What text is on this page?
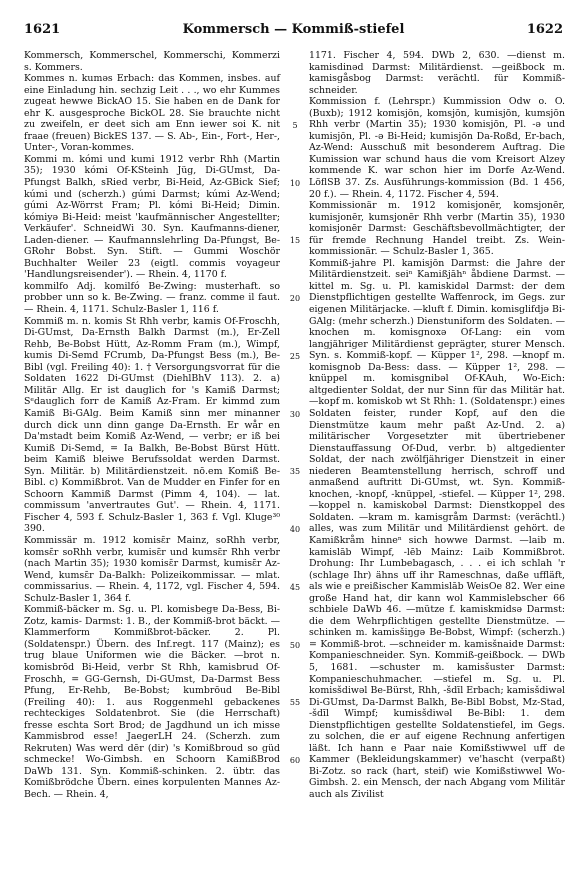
1621	Kommersch — Kommiß-stiefel	1622

Kommersch, Kommerschel, Kommerschi, Kommerzi s. Kommers.

Kommes n. kuməs Erbach: das Kommen, insbes. auf eine Einladung hin. sechzig Leit . . ., wo ehr Kummes zugeat hewwe BickAO 15. Sie haben en de Dank for ehr K. ausgesproche BickOL 28. Sie brauchte nicht zu zweifeln, er deet sich am Enn iewer soi K. nit fraae (freuen) BickES 137. — S. Ab-, Ein-, Fort-, Her-, Unter-, Voran-kommes.

Kommi m. kómi und kumi 1912 verbr Rhh (Martin 35); 1930 kómi Of-KSteinh Jüg, Di-GUmst, Da-Pfungst Balkh, sRied verbr, Bi-Heid, Az-GBick Sief; kúmi und (scherzh.) gúmi Darmst; kúmi Az-Wend; gúmi Az-Wörrst Fram; Pl. kómi Bi-Heid; Dimin. kómiyə Bi-Heid: meist 'kaufmännischer Angestellter; Verkäufer'. SchneidWi 30. Syn. Kaufmanns-diener, Laden-diener. — Kaufmannslehrling Da-Pfungst, Be-GRohr Bobst. Syn. Stift. — Gummi Woschör Buchhalter Weiler 23 (eigtl. commis voyageur 'Handlungsreisender'). — Rhein. 4, 1170 f.

kommilfo Adj. komilfó Be-Zwing: musterhaft. so probber unn so k. Be-Zwing. — franz. comme il faut. — Rhein. 4, 1171. Schulz-Basler 1, 116 f.

Kommiß m. n. komis St Rhh verbr, kamis Of-Froschh, Di-GUmst, Da-Ernsth Balkh Darmst (m.), Er-Zell Rehb, Be-Bobst Hütt, Az-Romm Fram (m.), Wimpf, kumis Di-Semd FCrumb, Da-Pfungst Bess (m.), Be-Bibl (vgl. Freiling 40): 1. † Versorgungsvorrat für die Soldaten 1622 Di-GUmst (DiehlBhV 113). 2. a) Militär Allg. Er ist dauglich for 's Kamiß Darmst; Sᵉdauglich forr de Kamiß Az-Fram. Er kimmd zum Kamiß Bi-GAlg. Beim Kamiß sinn mer minanner durch dick unn dinn gange Da-Ernsth. Er wår en Da'mstadt beim Komiß Az-Wend, — verbr; er iß bei Kumiß Di-Semd, = Ia Balkh, Be-Bobst Bürst Hütt. beim Kamiß bleiwe Berufssoldat werden Darmst. Syn. Militär. b) Militärdienstzeit. nō.em Komiß Be-Bibl. c) Kommißbrot. Van de Mudder en Finfer for en Schoorn Kammiß Darmst (Pimm 4, 104). — lat. commissum 'anvertrautes Gut'. — Rhein. 4, 1171. Fischer 4, 593 f. Schulz-Basler 1, 363 f. Vgl. Kluge³⁰ 390.

Kommissär m. 1912 komisɛ̄r Mainz, soRhh verbr, komsɛ̄r soRhh verbr, kumisɛ̄r und kumsɛ̄r Rhh verbr (nach Martin 35); 1930 komisɛ̄r Darmst, kumisɛ̄r Az-Wend, kumsɛ̄r Da-Balkh: Polizeikommissar. — mlat. commissarius. — Rhein. 4, 1172, vgl. Fischer 4, 594. Schulz-Basler 1, 364 f.

Kommiß-bäcker m. Sg. u. Pl. komisbegɐ Da-Bess, Bi-Zotz, kamis- Darmst: 1. B., der Kommiß-brot bäckt. — Klammerform Kommißbrot-bäcker. 2. Pl. (Soldatenspr.) Übern. des Inf.regt. 117 (Mainz); es trug blaue Uniformen wie die Bäcker. —brot n. komisbrōd Bi-Heid, verbr St Rhh, kamisbrud Of-Froschh, = GG-Gernsh, Di-GUmst, Da-Darmst Bess Pfung, Er-Rehb, Be-Bobst; kumbrōud Be-Bibl (Freiling 40): 1. aus Roggenmehl gebackenes rechteckiges Soldatenbrot. Sie (die Herrschaft) fresse eschta Sort Brod; de Jagdhund un ich misse Kammisbrod esse! JaegerLH 24. (Scherzh. zum Rekruten) Was werd dēr (dir) 's Komißbroud so güd schmecke! Wo-Gimbsh. en Schoorn KamißBrod DaWb 131. Syn. Kommiß-schinken. 2. übtr. das Komißbrödche Übern. eines korpulenten Mannes Az-Bech. — Rhein. 4,

5
10
15
20
25
30
35
40
45
50
55
60

1171. Fischer 4, 594. DWb 2, 630. —dienst m. kamisdinəd Darmst: Militärdienst. —geißbock m. kamisgåsbog Darmst: verächtl. für Kommiß-schneider.

Kommission f. (Lehrspr.) Kummission Odw o. O. (Buxb); 1912 komisjōn, komsjōn, kumisjōn, kumsjōn Rhh verbr (Martin 35); 1930 komisjōn, Pl. -ə und kumisjōn, Pl. -ə Bi-Heid; kumisjōn Da-Roßd, Er-bach, Az-Wend: Ausschuß mit besonderem Auftrag. Die Kumission war schund haus die vom Kreisort Alzey kommende K. war schon hier im Dorfe Az-Wend. LöflSB 37. Zs. Ausführungs-kommission (Bd. 1 456, 20 f.). — Rhein. 4, 1172. Fischer 4, 594.

Kommissionär m. 1912 komisjonēr, komsjonēr, kumisjonēr, kumsjonēr Rhh verbr (Martin 35), 1930 komisjonēr Darmst: Geschäftsbevollmächtigter, der für fremde Rechnung Handel treibt. Zs. Wein-kommissionär. — Schulz-Basler 1, 365.

Kommiß-jahre Pl. kamisjōn Darmst: die Jahre der Militärdienstzeit. sei⁠ⁿ Kamißjāhⁿ åbdiene Darmst. —kittel m. Sg. u. Pl. kamiskidəl Darmst: der dem Dienstpflichtigen gestellte Waffenrock, im Gegs. zur eigenen Militärjacke. —kluft f. Dimin. komisglifdjə Bi-GAlg: (mehr scherzh.) Dienstuniform des Soldaten. —knochen m. komisgnoxə Of-Lang: ein vom langjähriger Militärdienst geprägter, sturer Mensch. Syn. s. Kommiß-kopf. — Küpper 1², 298. —knopf m. komisgnob Da-Bess: dass. — Küpper 1², 298. —knüppel m. komisgnibəl Of-KAuh, Wo-Eich: altgedienter Soldat, der nur Sinn für das Militär hat. —kopf m. komiskob wt St Rhh: 1. (Soldatenspr.) eines Soldaten feister, runder Kopf, auf den die Dienstmütze kaum mehr paßt Az-Und. 2. a) militärischer Vorgesetzter mit übertriebener Dienstauffassung Of-Dud, verbr. b) altgedienter Soldat, der nach zwölfjähriger Dienstzeit in einer niederen Beamtenstellung herrisch, schroff und anmaßend auftritt Di-GUmst, wt. Syn. Kommiß-knochen, -knopf, -knüppel, -stiefel. — Küpper 1², 298. —koppel n. kamiskobəl Darmst: Dienstkoppel des Soldaten. —kram m. kamisgråm Darmst: (verächtl.) alles, was zum Militär und Militärdienst gehört. de Kamißkråm hinne⁠ⁿ sich howwe Darmst. —laib m. kamislāb Wimpf, -lēb Mainz: Laib Kommißbrot. Drohung: Ihr Lumbebagasch, . . . ei ich schlah 'r (schlage Ihr) ähns uff ihr Rameschnas, daße uffläft, als wie e preißischer Kammislāb WeisOe 82. Wer eine große Hand hat, dir kann wol Kammislebscher 66 schbiele DaWb 46. —mütze f. kamiskmidsə Darmst: die dem Wehrpflichtigen gestellte Dienstmütze. —schinken m. kamisšiŋgə Be-Bobst, Wimpf: (scherzh.) = Kommiß-brot. —schneider m. kamisšnaidɐ Darmst: Kompanieschneider. Syn. Kommiß-geißbock. — DWb 5, 1681. —schuster m. kamisšuster Darmst: Kompanieschuhmacher. —stiefel m. Sg. u. Pl. komisšdiwəl Be-Bürst, Rhh, -šdīl Erbach; kamisšdiwəl Di-GUmst, Da-Darmst Balkh, Be-Bibl Bobst, Mz-Stad, -šdīl Wimpf; kumisšdiwəl Be-Bibl: 1. dem Dienstpflichtigen gestellte Soldatenstiefel, im Gegs. zu solchen, die er auf eigene Rechnung anfertigen läßt. Ich hann e Paar naie Komißstiwwel uff de Kammer (Bekleidungskammer) ve'hascht (verpaßt) Bi-Zotz. so rack (hart, steif) wie Komißstiwwel Wo-Gimbsh. 2. ein Mensch, der nach Abgang vom Militär auch als Zivilist
